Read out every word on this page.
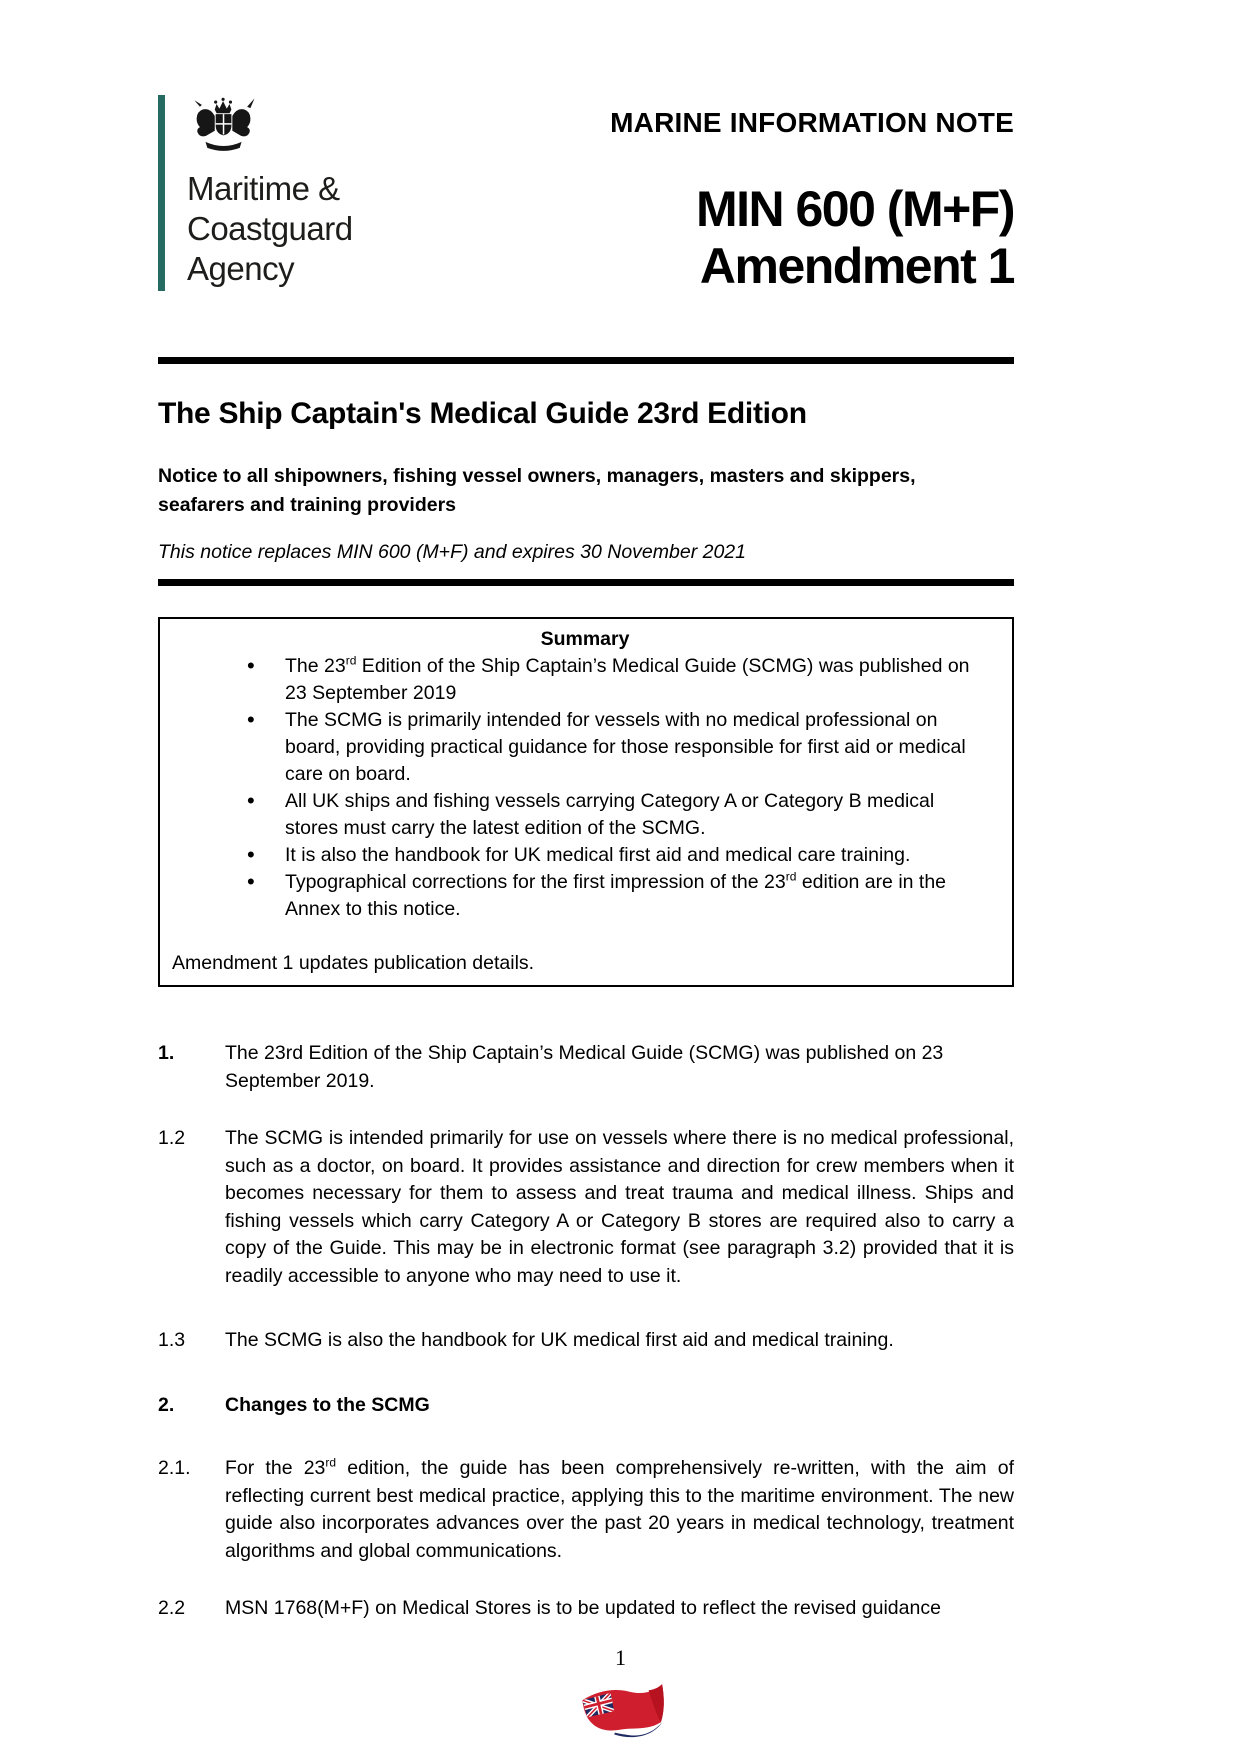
Maritime &
Coastguard
Agency
MARINE INFORMATION NOTE
MIN 600 (M+F)
Amendment 1
The Ship Captain's Medical Guide 23rd Edition
Notice to all shipowners, fishing vessel owners, managers, masters and skippers,
seafarers and training providers
This notice replaces MIN 600 (M+F) and expires 30 November 2021
Summary
• The 23rd Edition of the Ship Captain’s Medical Guide (SCMG) was published on 23 September 2019
• The SCMG is primarily intended for vessels with no medical professional on board, providing practical guidance for those responsible for first aid or medical care on board.
• All UK ships and fishing vessels carrying Category A or Category B medical stores must carry the latest edition of the SCMG.
• It is also the handbook for UK medical first aid and medical care training.
• Typographical corrections for the first impression of the 23rd edition are in the Annex to this notice.
Amendment 1 updates publication details.
1.	The 23rd Edition of the Ship Captain’s Medical Guide (SCMG) was published on 23 September 2019.
1.2	The SCMG is intended primarily for use on vessels where there is no medical professional, such as a doctor, on board. It provides assistance and direction for crew members when it becomes necessary for them to assess and treat trauma and medical illness. Ships and fishing vessels which carry Category A or Category B stores are required also to carry a copy of the Guide. This may be in electronic format (see paragraph 3.2) provided that it is readily accessible to anyone who may need to use it.
1.3	The SCMG is also the handbook for UK medical first aid and medical training.
2.	Changes to the SCMG
2.1.	For the 23rd edition, the guide has been comprehensively re-written, with the aim of reflecting current best medical practice, applying this to the maritime environment. The new guide also incorporates advances over the past 20 years in medical technology, treatment algorithms and global communications.
2.2	MSN 1768(M+F) on Medical Stores is to be updated to reflect the revised guidance
1
